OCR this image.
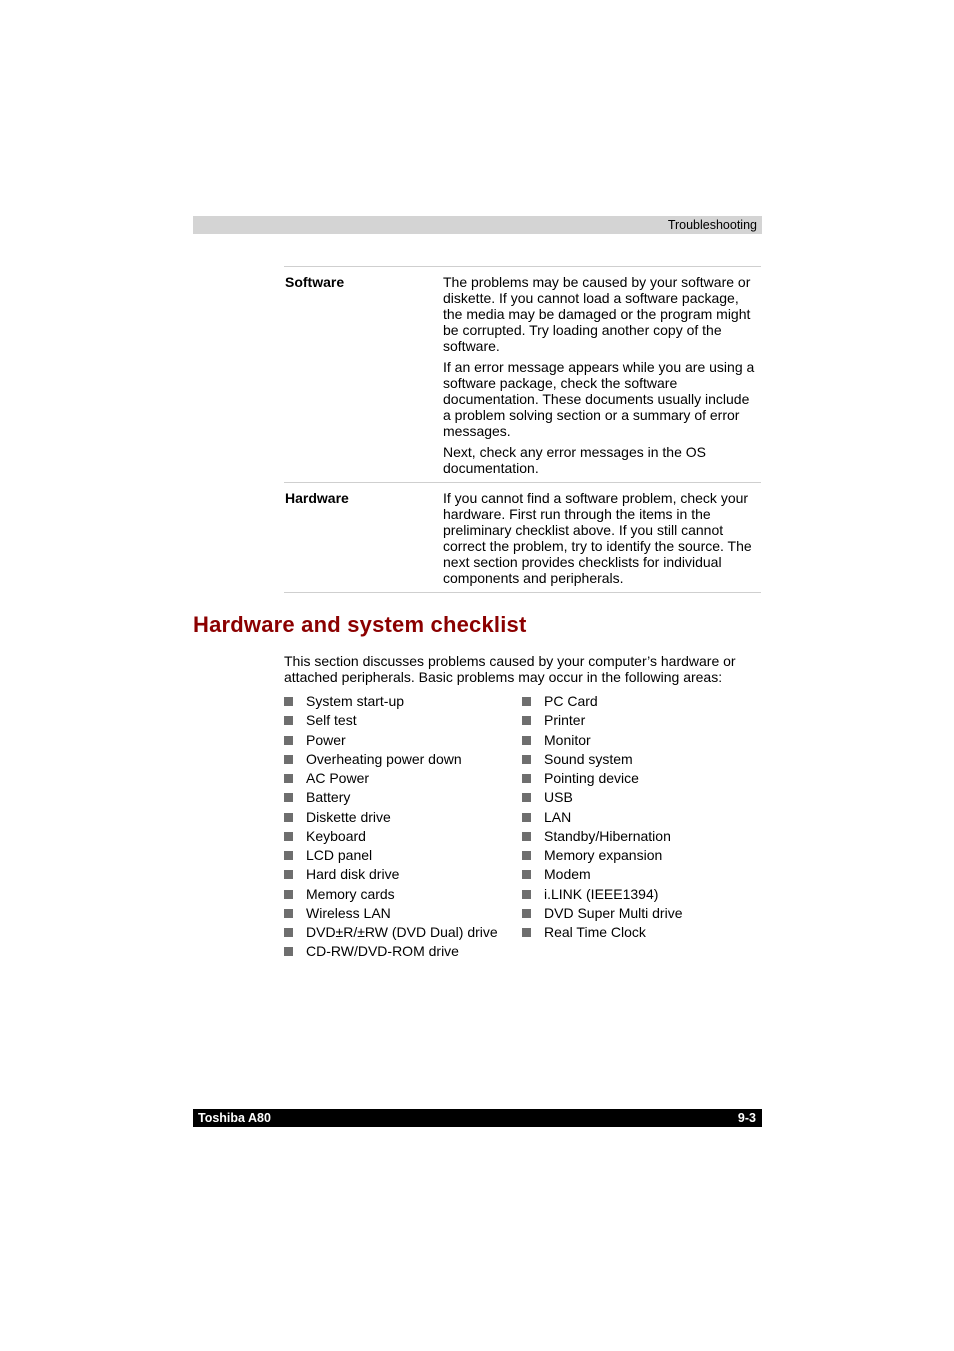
Troubleshooting
Software	The problems may be caused by your software or diskette. If you cannot load a software package, the media may be damaged or the program might be corrupted. Try loading another copy of the software.

If an error message appears while you are using a software package, check the software documentation. These documents usually include a problem solving section or a summary of error messages.

Next, check any error messages in the OS documentation.

Hardware	If you cannot find a software problem, check your hardware. First run through the items in the preliminary checklist above. If you still cannot correct the problem, try to identify the source. The next section provides checklists for individual components and peripherals.

Hardware and system checklist

This section discusses problems caused by your computer’s hardware or attached peripherals. Basic problems may occur in the following areas:

System start-up
Self test
Power
Overheating power down
AC Power
Battery
Diskette drive
Keyboard
LCD panel
Hard disk drive
Memory cards
Wireless LAN
DVD±R/±RW (DVD Dual) drive
CD-RW/DVD-ROM drive
PC Card
Printer
Monitor
Sound system
Pointing device
USB
LAN
Standby/Hibernation
Memory expansion
Modem
i.LINK (IEEE1394)
DVD Super Multi drive
Real Time Clock
Toshiba A80	9-3
